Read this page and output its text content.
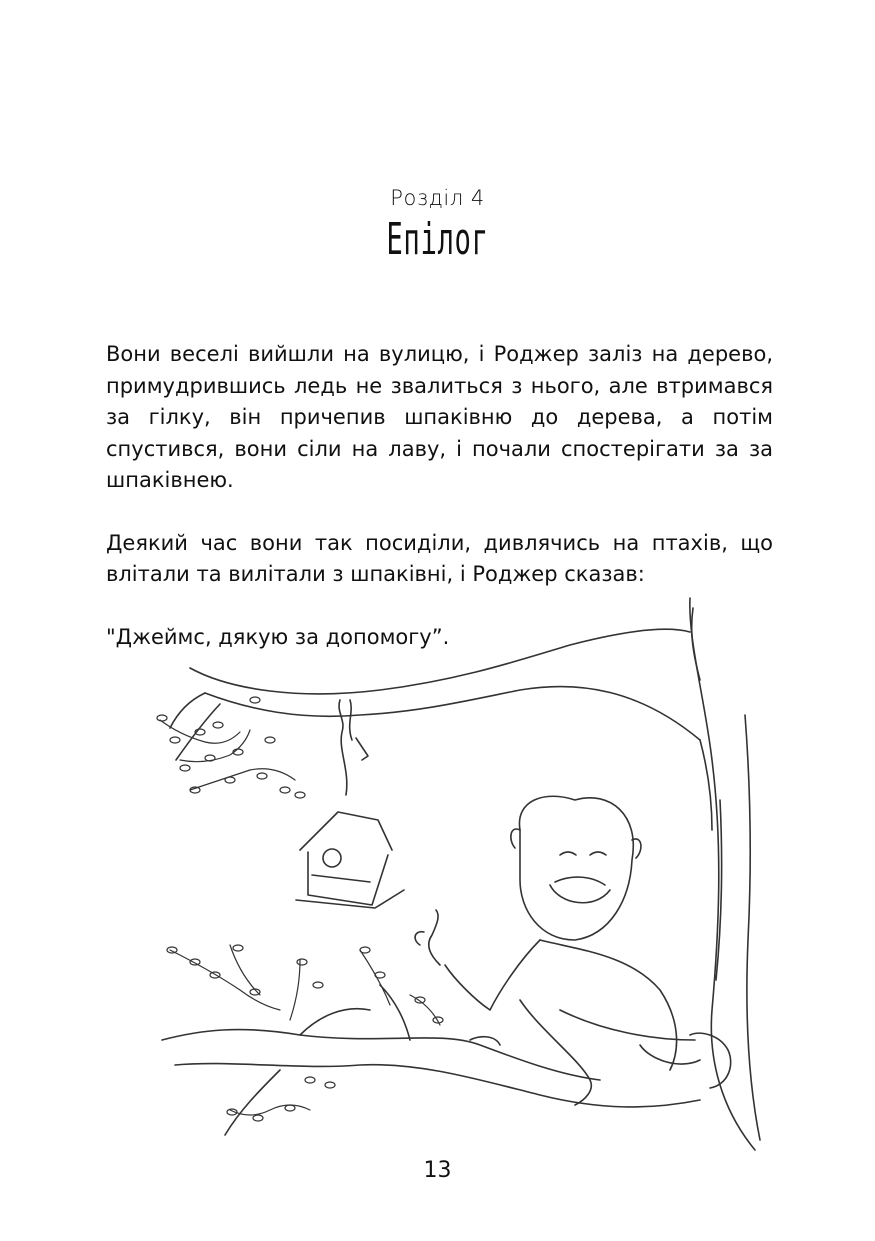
Розділ 4
Епілог

Вони веселі вийшли на вулицю, і Роджер заліз на дерево, примудрившись ледь не звалиться з нього, але втримався за гілку, він причепив шпаківню до дерева, а потім спустився, вони сіли на лаву, і почали спостерігати за за шпаківнею.

Деякий час вони так посиділи, дивлячись на птахів, що влітали та вилітали з шпаківні, і Роджер сказав:

"Джеймс, дякую за допомогу”.

13
